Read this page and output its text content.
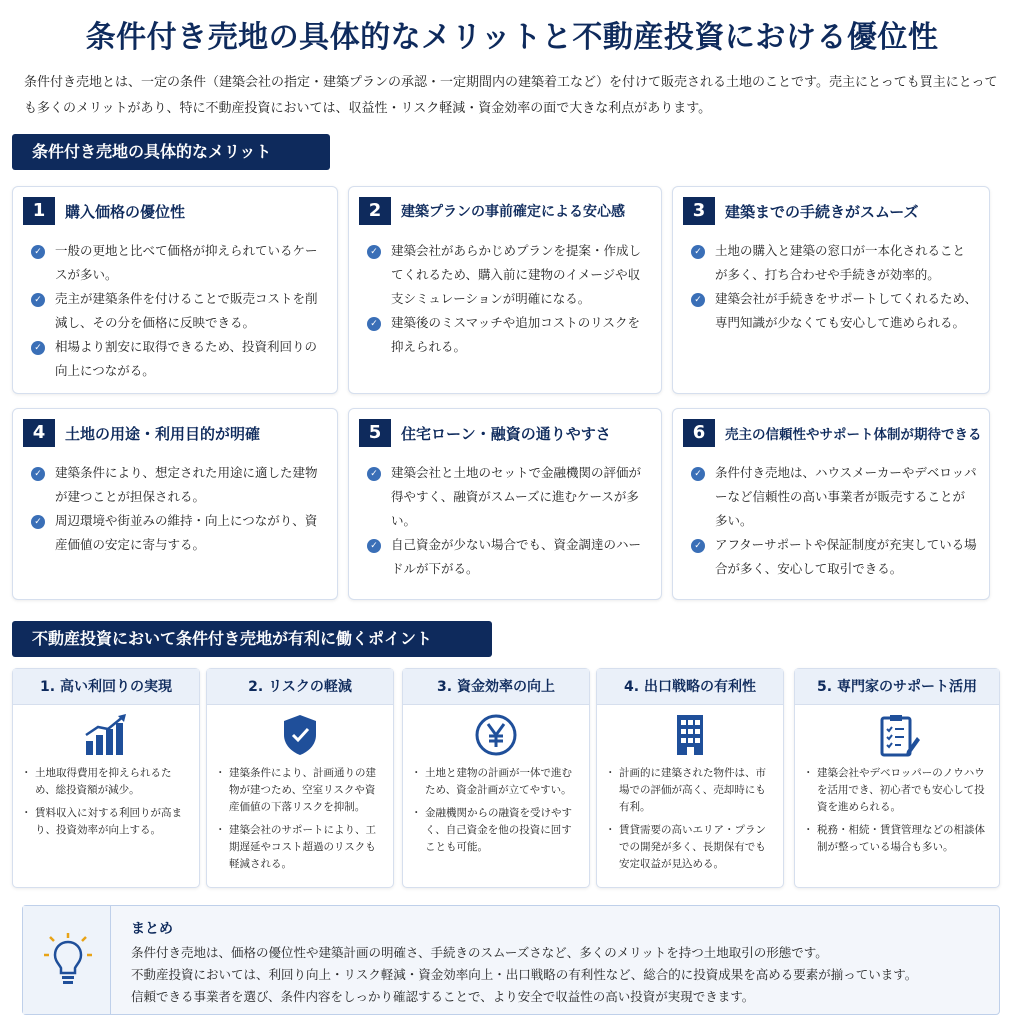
条件付き売地の具体的なメリットと不動産投資における優位性

条件付き売地とは、一定の条件（建築会社の指定・建築プランの承認・一定期間内の建築着工など）を付けて販売される土地のことです。売主にとっても買主にとっても多くのメリットがあり、特に不動産投資においては、収益性・リスク軽減・資金効率の面で大きな利点があります。

条件付き売地の具体的なメリット
1	購入価格の優位性
✓ 一般の更地と比べて価格が抑えられているケースが多い。
✓ 売主が建築条件を付けることで販売コストを削減し、その分を価格に反映できる。
✓ 相場より割安に取得できるため、投資利回りの向上につながる。
2	建築プランの事前確定による安心感
✓ 建築会社があらかじめプランを提案・作成してくれるため、購入前に建物のイメージや収支シミュレーションが明確になる。
✓ 建築後のミスマッチや追加コストのリスクを抑えられる。
3	建築までの手続きがスムーズ
✓ 土地の購入と建築の窓口が一本化されることが多く、打ち合わせや手続きが効率的。
✓ 建築会社が手続きをサポートしてくれるため、専門知識が少なくても安心して進められる。
4	土地の用途・利用目的が明確
✓ 建築条件により、想定された用途に適した建物が建つことが担保される。
✓ 周辺環境や街並みの維持・向上につながり、資産価値の安定に寄与する。
5	住宅ローン・融資の通りやすさ
✓ 建築会社と土地のセットで金融機関の評価が得やすく、融資がスムーズに進むケースが多い。
✓ 自己資金が少ない場合でも、資金調達のハードルが下がる。
6	売主の信頼性やサポート体制が期待できる
✓ 条件付き売地は、ハウスメーカーやデベロッパーなど信頼性の高い事業者が販売することが多い。
✓ アフターサポートや保証制度が充実している場合が多く、安心して取引できる。
不動産投資において条件付き売地が有利に働くポイント
1. 高い利回りの実現
・ 土地取得費用を抑えられるため、総投資額が減少。
・ 賃料収入に対する利回りが高まり、投資効率が向上する。
2. リスクの軽減
・ 建築条件により、計画通りの建物が建つため、空室リスクや資産価値の下落リスクを抑制。
・ 建築会社のサポートにより、工期遅延やコスト超過のリスクも軽減される。
3. 資金効率の向上
・ 土地と建物の計画が一体で進むため、資金計画が立てやすい。
・ 金融機関からの融資を受けやすく、自己資金を他の投資に回すことも可能。
4. 出口戦略の有利性
・ 計画的に建築された物件は、市場での評価が高く、売却時にも有利。
・ 賃貸需要の高いエリア・プランでの開発が多く、長期保有でも安定収益が見込める。
5. 専門家のサポート活用
・ 建築会社やデベロッパーのノウハウを活用でき、初心者でも安心して投資を進められる。
・ 税務・相続・賃貸管理などの相談体制が整っている場合も多い。
まとめ
条件付き売地は、価格の優位性や建築計画の明確さ、手続きのスムーズさなど、多くのメリットを持つ土地取引の形態です。
不動産投資においては、利回り向上・リスク軽減・資金効率向上・出口戦略の有利性など、総合的に投資成果を高める要素が揃っています。
信頼できる事業者を選び、条件内容をしっかり確認することで、より安全で収益性の高い投資が実現できます。
